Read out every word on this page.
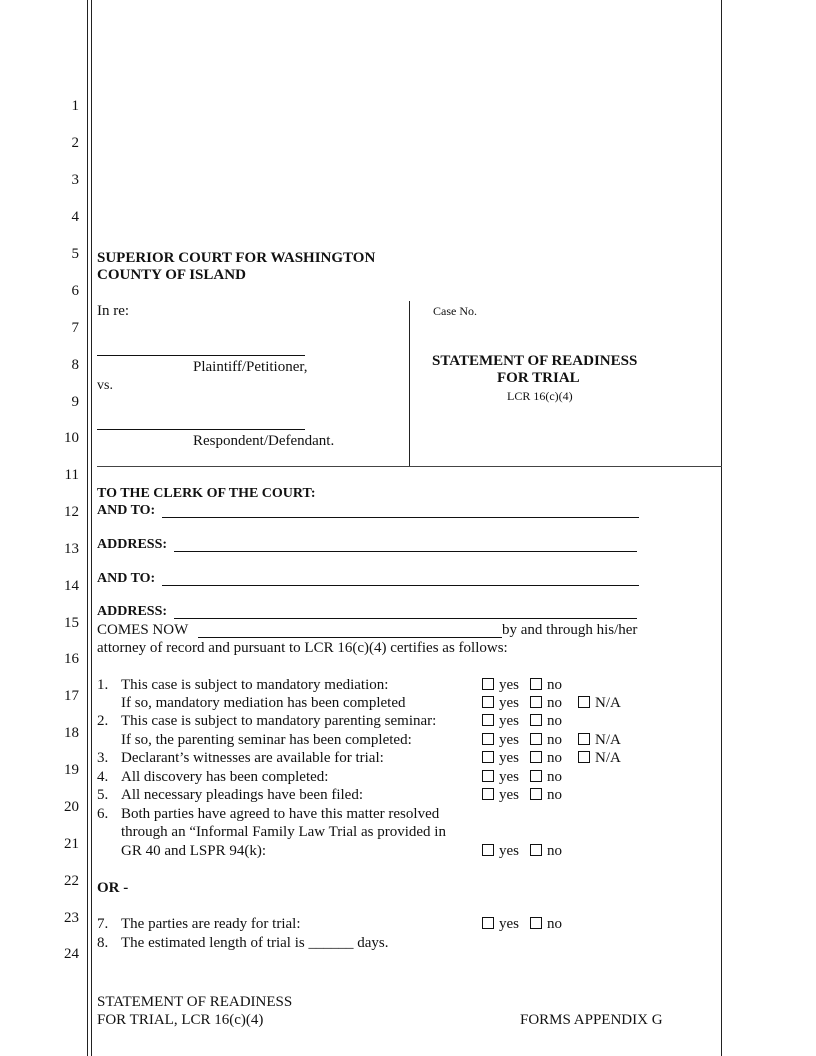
1
2
3
4
5
6
7
8
9
10
11
12
13
14
15
16
17
18
19
20
21
22
23
24
SUPERIOR COURT FOR WASHINGTON
COUNTY OF ISLAND
In re:
Plaintiff/Petitioner,
vs.
Respondent/Defendant.
Case No.
STATEMENT OF READINESS
FOR TRIAL
LCR 16(c)(4)
TO THE CLERK OF THE COURT:
AND TO:
ADDRESS:
AND TO:
ADDRESS:
COMES NOW	by and through his/her
attorney of record and pursuant to LCR 16(c)(4) certifies as follows:
1. This case is subject to mandatory mediation:	yes	no
If so, mandatory mediation has been completed	yes	no	N/A
2. This case is subject to mandatory parenting seminar:	yes	no
If so, the parenting seminar has been completed:	yes	no	N/A
3. Declarant’s witnesses are available for trial:	yes	no	N/A
4. All discovery has been completed:	yes	no
5. All necessary pleadings have been filed:	yes	no
6. Both parties have agreed to have this matter resolved
through an “Informal Family Law Trial as provided in
GR 40 and LSPR 94(k):	yes	no
OR -
7. The parties are ready for trial:	yes	no
8. The estimated length of trial is ______ days.
STATEMENT OF READINESS
FOR TRIAL, LCR 16(c)(4)	FORMS APPENDIX G
